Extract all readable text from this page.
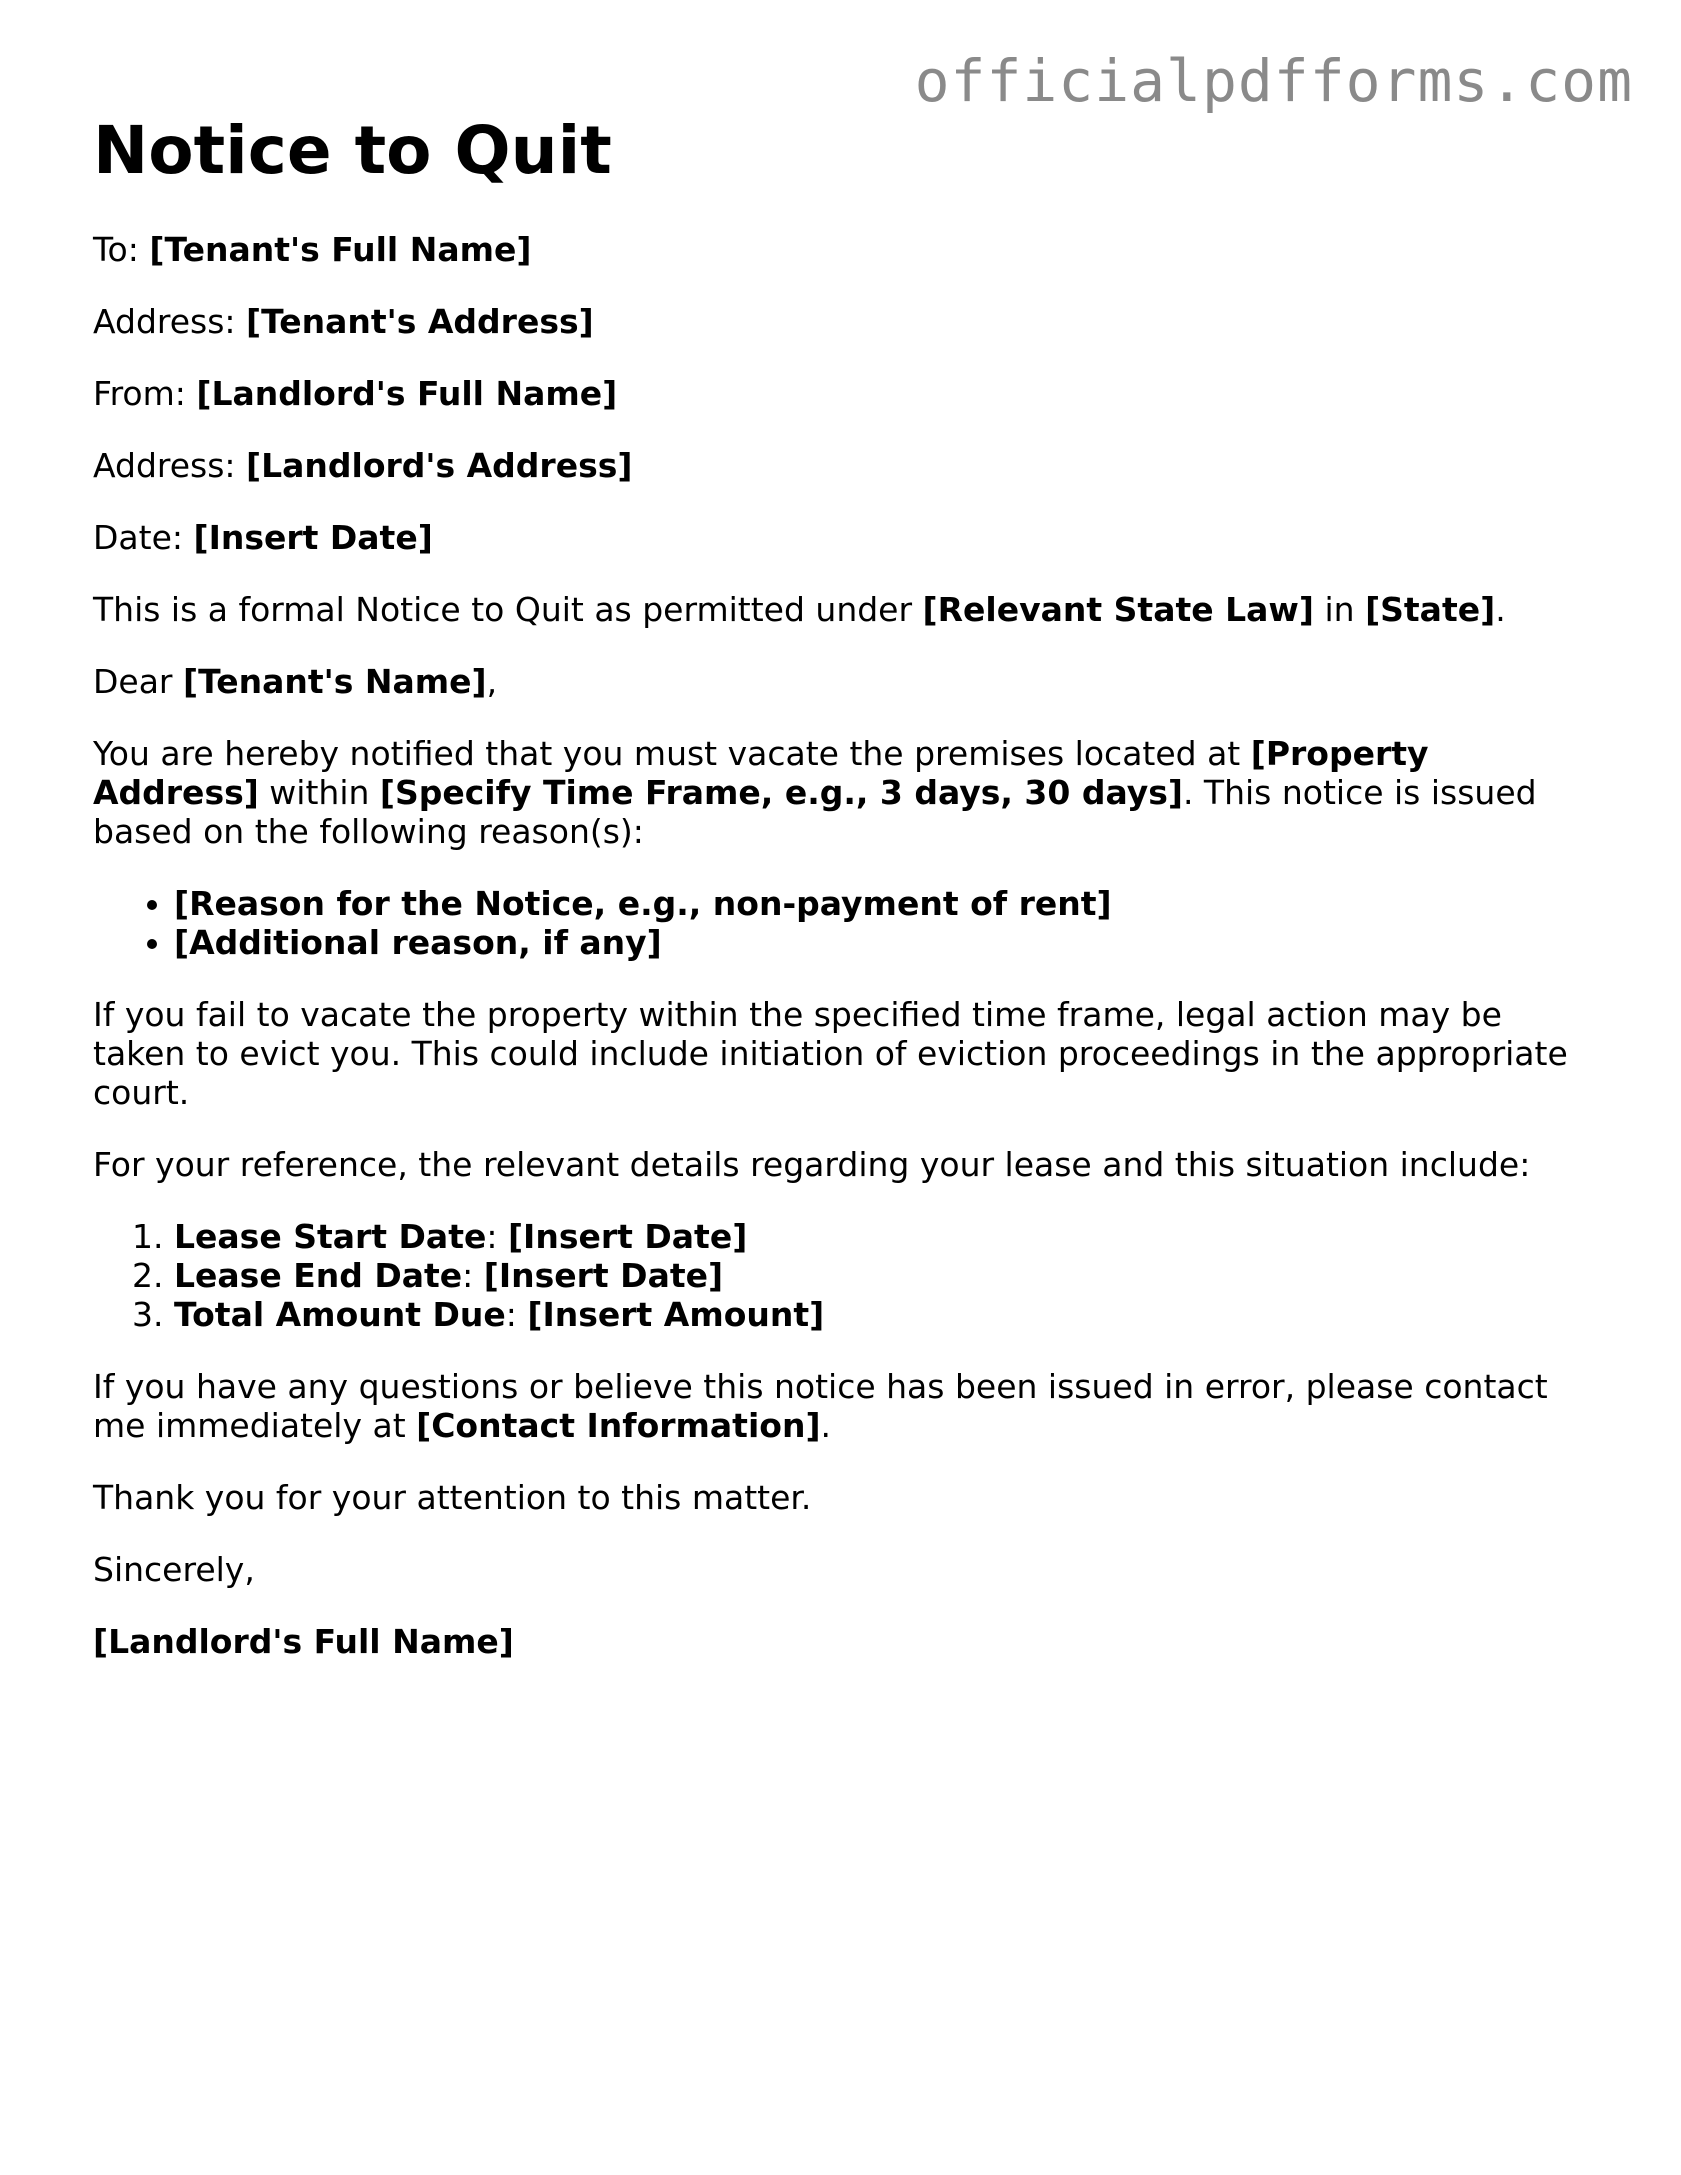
officialpdfforms.com
Notice to Quit

To: [Tenant's Full Name]

Address: [Tenant's Address]

From: [Landlord's Full Name]

Address: [Landlord's Address]

Date: [Insert Date]

This is a formal Notice to Quit as permitted under [Relevant State Law] in [State].

Dear [Tenant's Name],

You are hereby notified that you must vacate the premises located at [Property Address] within [Specify Time Frame, e.g., 3 days, 30 days]. This notice is issued based on the following reason(s):

• [Reason for the Notice, e.g., non-payment of rent]
• [Additional reason, if any]

If you fail to vacate the property within the specified time frame, legal action may be taken to evict you. This could include initiation of eviction proceedings in the appropriate court.

For your reference, the relevant details regarding your lease and this situation include:

1. Lease Start Date: [Insert Date]
2. Lease End Date: [Insert Date]
3. Total Amount Due: [Insert Amount]

If you have any questions or believe this notice has been issued in error, please contact me immediately at [Contact Information].

Thank you for your attention to this matter.

Sincerely,

[Landlord's Full Name]
